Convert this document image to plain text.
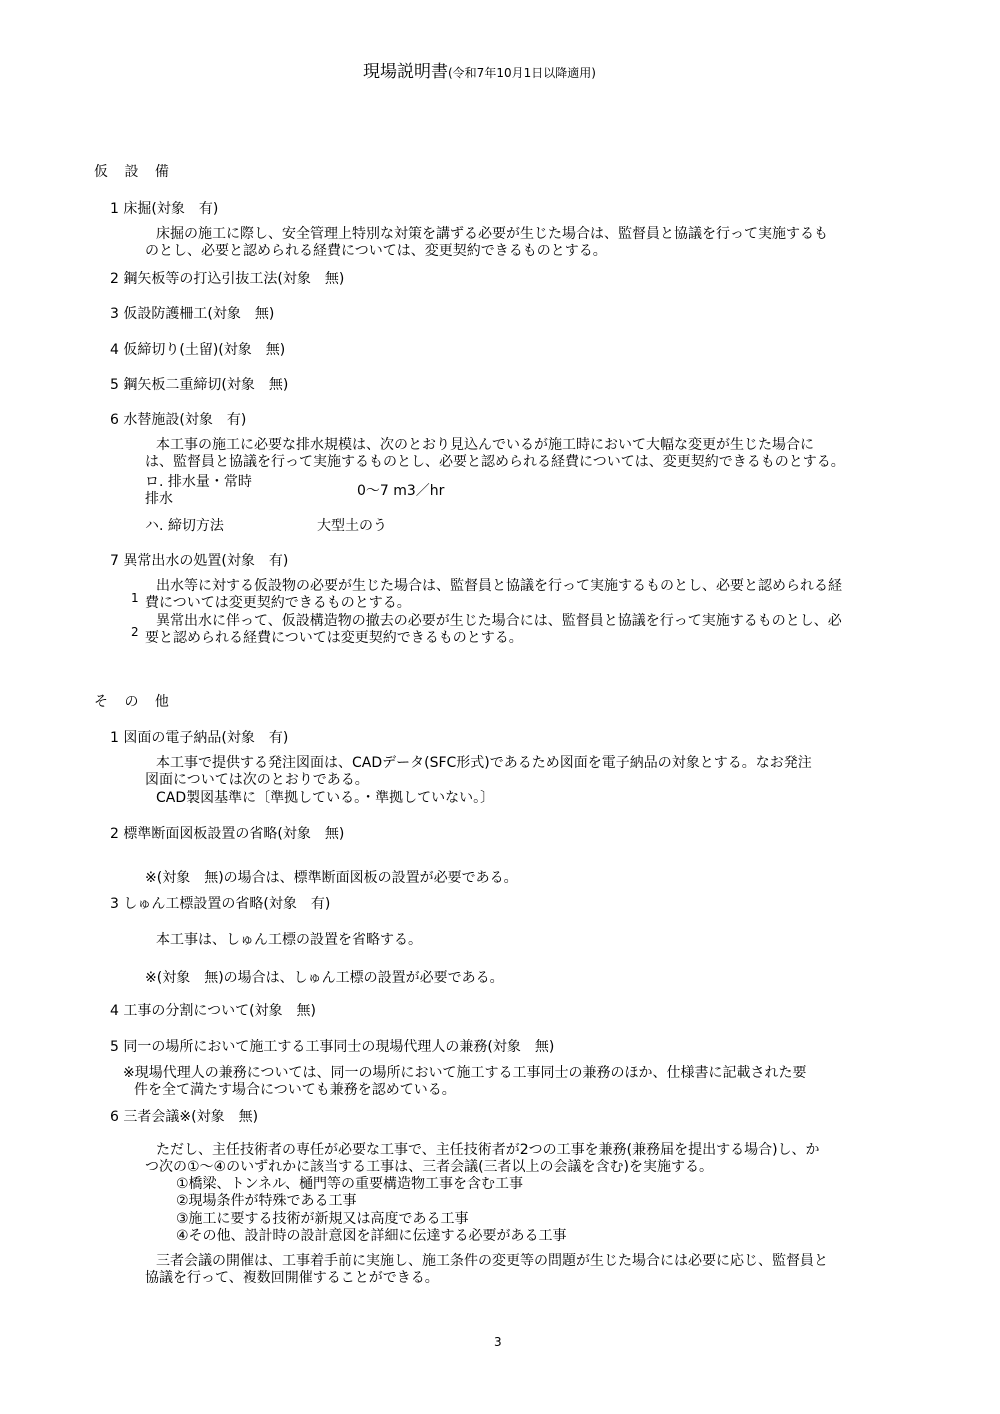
現場説明書(令和7年10月1日以降適用)
仮 設 備
1 床掘(対象　有)
床掘の施工に際し、安全管理上特別な対策を講ずる必要が生じた場合は、監督員と協議を行って実施するも
のとし、必要と認められる経費については、変更契約できるものとする。
2 鋼矢板等の打込引抜工法(対象　無)
3 仮設防護柵工(対象　無)
4 仮締切り(土留)(対象　無)
5 鋼矢板二重締切(対象　無)
6 水替施設(対象　有)
本工事の施工に必要な排水規模は、次のとおり見込んでいるが施工時において大幅な変更が生じた場合に
は、監督員と協議を行って実施するものとし、必要と認められる経費については、変更契約できるものとする。
ロ. 排水量・常時
排水	0～7 m3／hr
ハ. 締切方法	大型土のう
7 異常出水の処置(対象　有)
1
出水等に対する仮設物の必要が生じた場合は、監督員と協議を行って実施するものとし、必要と認められる経
費については変更契約できるものとする。
2
異常出水に伴って、仮設構造物の撤去の必要が生じた場合には、監督員と協議を行って実施するものとし、必
要と認められる経費については変更契約できるものとする。
そ の 他
1 図面の電子納品(対象　有)
本工事で提供する発注図面は、CADデータ(SFC形式)であるため図面を電子納品の対象とする。なお発注
図面については次のとおりである。
CAD製図基準に〔準拠している。・準拠していない。〕
2 標準断面図板設置の省略(対象　無)
※(対象　無)の場合は、標準断面図板の設置が必要である。
3 しゅん工標設置の省略(対象　有)
本工事は、しゅん工標の設置を省略する。
※(対象　無)の場合は、しゅん工標の設置が必要である。
4 工事の分割について(対象　無)
5 同一の場所において施工する工事同士の現場代理人の兼務(対象　無)
※現場代理人の兼務については、同一の場所において施工する工事同士の兼務のほか、仕様書に記載された要
件を全て満たす場合についても兼務を認めている。
6 三者会議※(対象　無)
ただし、主任技術者の専任が必要な工事で、主任技術者が2つの工事を兼務(兼務届を提出する場合)し、か
つ次の①～④のいずれかに該当する工事は、三者会議(三者以上の会議を含む)を実施する。
①橋梁、トンネル、樋門等の重要構造物工事を含む工事
②現場条件が特殊である工事
③施工に要する技術が新規又は高度である工事
④その他、設計時の設計意図を詳細に伝達する必要がある工事
三者会議の開催は、工事着手前に実施し、施工条件の変更等の問題が生じた場合には必要に応じ、監督員と
協議を行って、複数回開催することができる。
3
